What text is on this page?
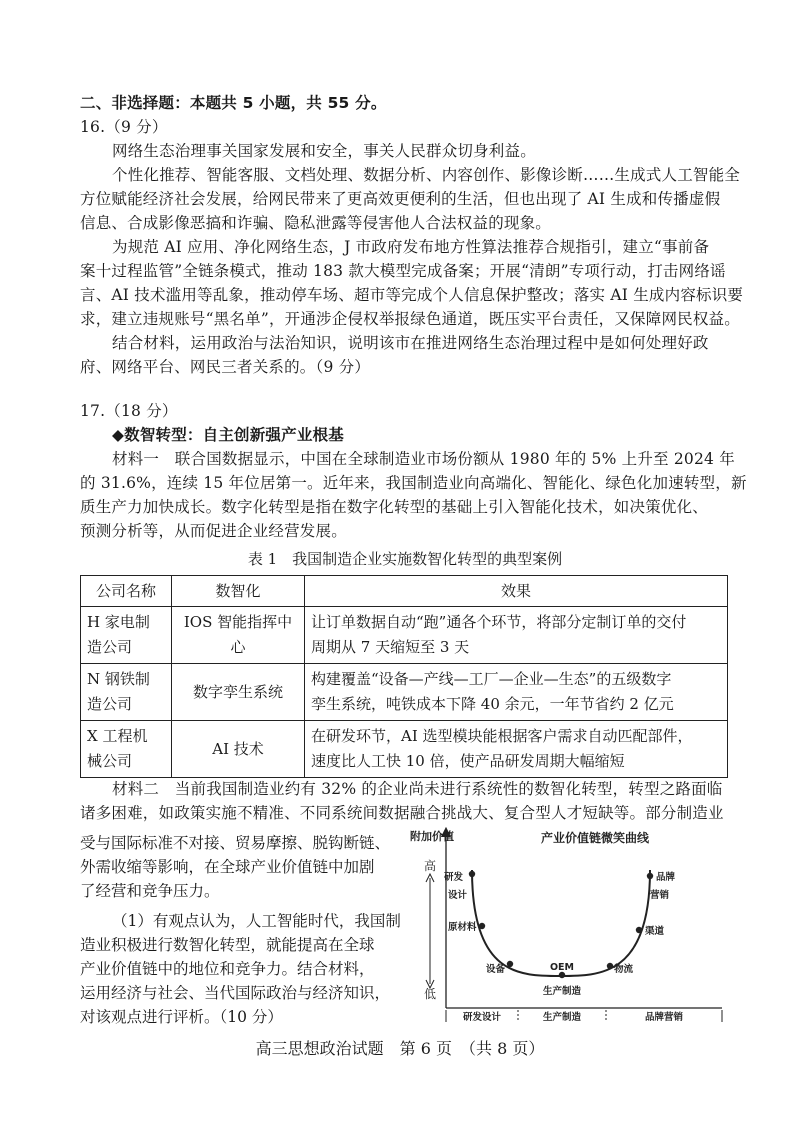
二、非选择题：本题共 5 小题，共 55 分。
16.（9 分）
网络生态治理事关国家发展和安全，事关人民群众切身利益。
个性化推荐、智能客服、文档处理、数据分析、内容创作、影像诊断……生成式人工智能全
方位赋能经济社会发展，给网民带来了更高效更便利的生活，但也出现了 AI 生成和传播虚假
信息、合成影像恶搞和诈骗、隐私泄露等侵害他人合法权益的现象。
为规范 AI 应用、净化网络生态，J 市政府发布地方性算法推荐合规指引，建立“事前备
案十过程监管”全链条模式，推动 183 款大模型完成备案；开展“清朗”专项行动，打击网络谣
言、AI 技术滥用等乱象，推动停车场、超市等完成个人信息保护整改；落实 AI 生成内容标识要
求，建立违规账号“黑名单”，开通涉企侵权举报绿色通道，既压实平台责任，又保障网民权益。
结合材料，运用政治与法治知识，说明该市在推进网络生态治理过程中是如何处理好政
府、网络平台、网民三者关系的。（9 分）
17.（18 分）
◆数智转型：自主创新强产业根基
材料一　联合国数据显示，中国在全球制造业市场份额从 1980 年的 5% 上升至 2024 年
的 31.6%，连续 15 年位居第一。近年来，我国制造业向高端化、智能化、绿色化加速转型，新
质生产力加快成长。数字化转型是指在数字化转型的基础上引入智能化技术，如决策优化、
预测分析等，从而促进企业经营发展。
表 1　我国制造企业实施数智化转型的典型案例
公司名称	数智化	效果
H 家电制
造公司	IOS 智能指挥中心	让订单数据自动“跑”通各个环节，将部分定制订单的交付
周期从 7 天缩短至 3 天
N 钢铁制
造公司	数字孪生系统	构建覆盖“设备—产线—工厂—企业—生态”的五级数字
孪生系统，吨铁成本下降 40 余元，一年节省约 2 亿元
X 工程机
械公司	AI 技术	在研发环节，AI 选型模块能根据客户需求自动匹配部件，
速度比人工快 10 倍，使产品研发周期大幅缩短
材料二　当前我国制造业约有 32% 的企业尚未进行系统性的数智化转型，转型之路面临
诸多困难，如政策实施不精准、不同系统间数据融合挑战大、复合型人才短缺等。部分制造业
受与国际标准不对接、贸易摩擦、脱钩断链、
外需收缩等影响，在全球产业价值链中加剧
了经营和竞争压力。
（1）有观点认为，人工智能时代，我国制
造业积极进行数智化转型，就能提高在全球
产业价值链中的地位和竞争力。结合材料，
运用经济与社会、当代国际政治与经济知识，
对该观点进行评析。（10 分）
附加价值
高
低
产业价值链微笑曲线
研发
设计
原材料
设备	OEM
生产制造
品牌
营销
渠道
物流
研发设计	生产制造	品牌营销
高三思想政治试题　第 6 页　（共 8 页）
